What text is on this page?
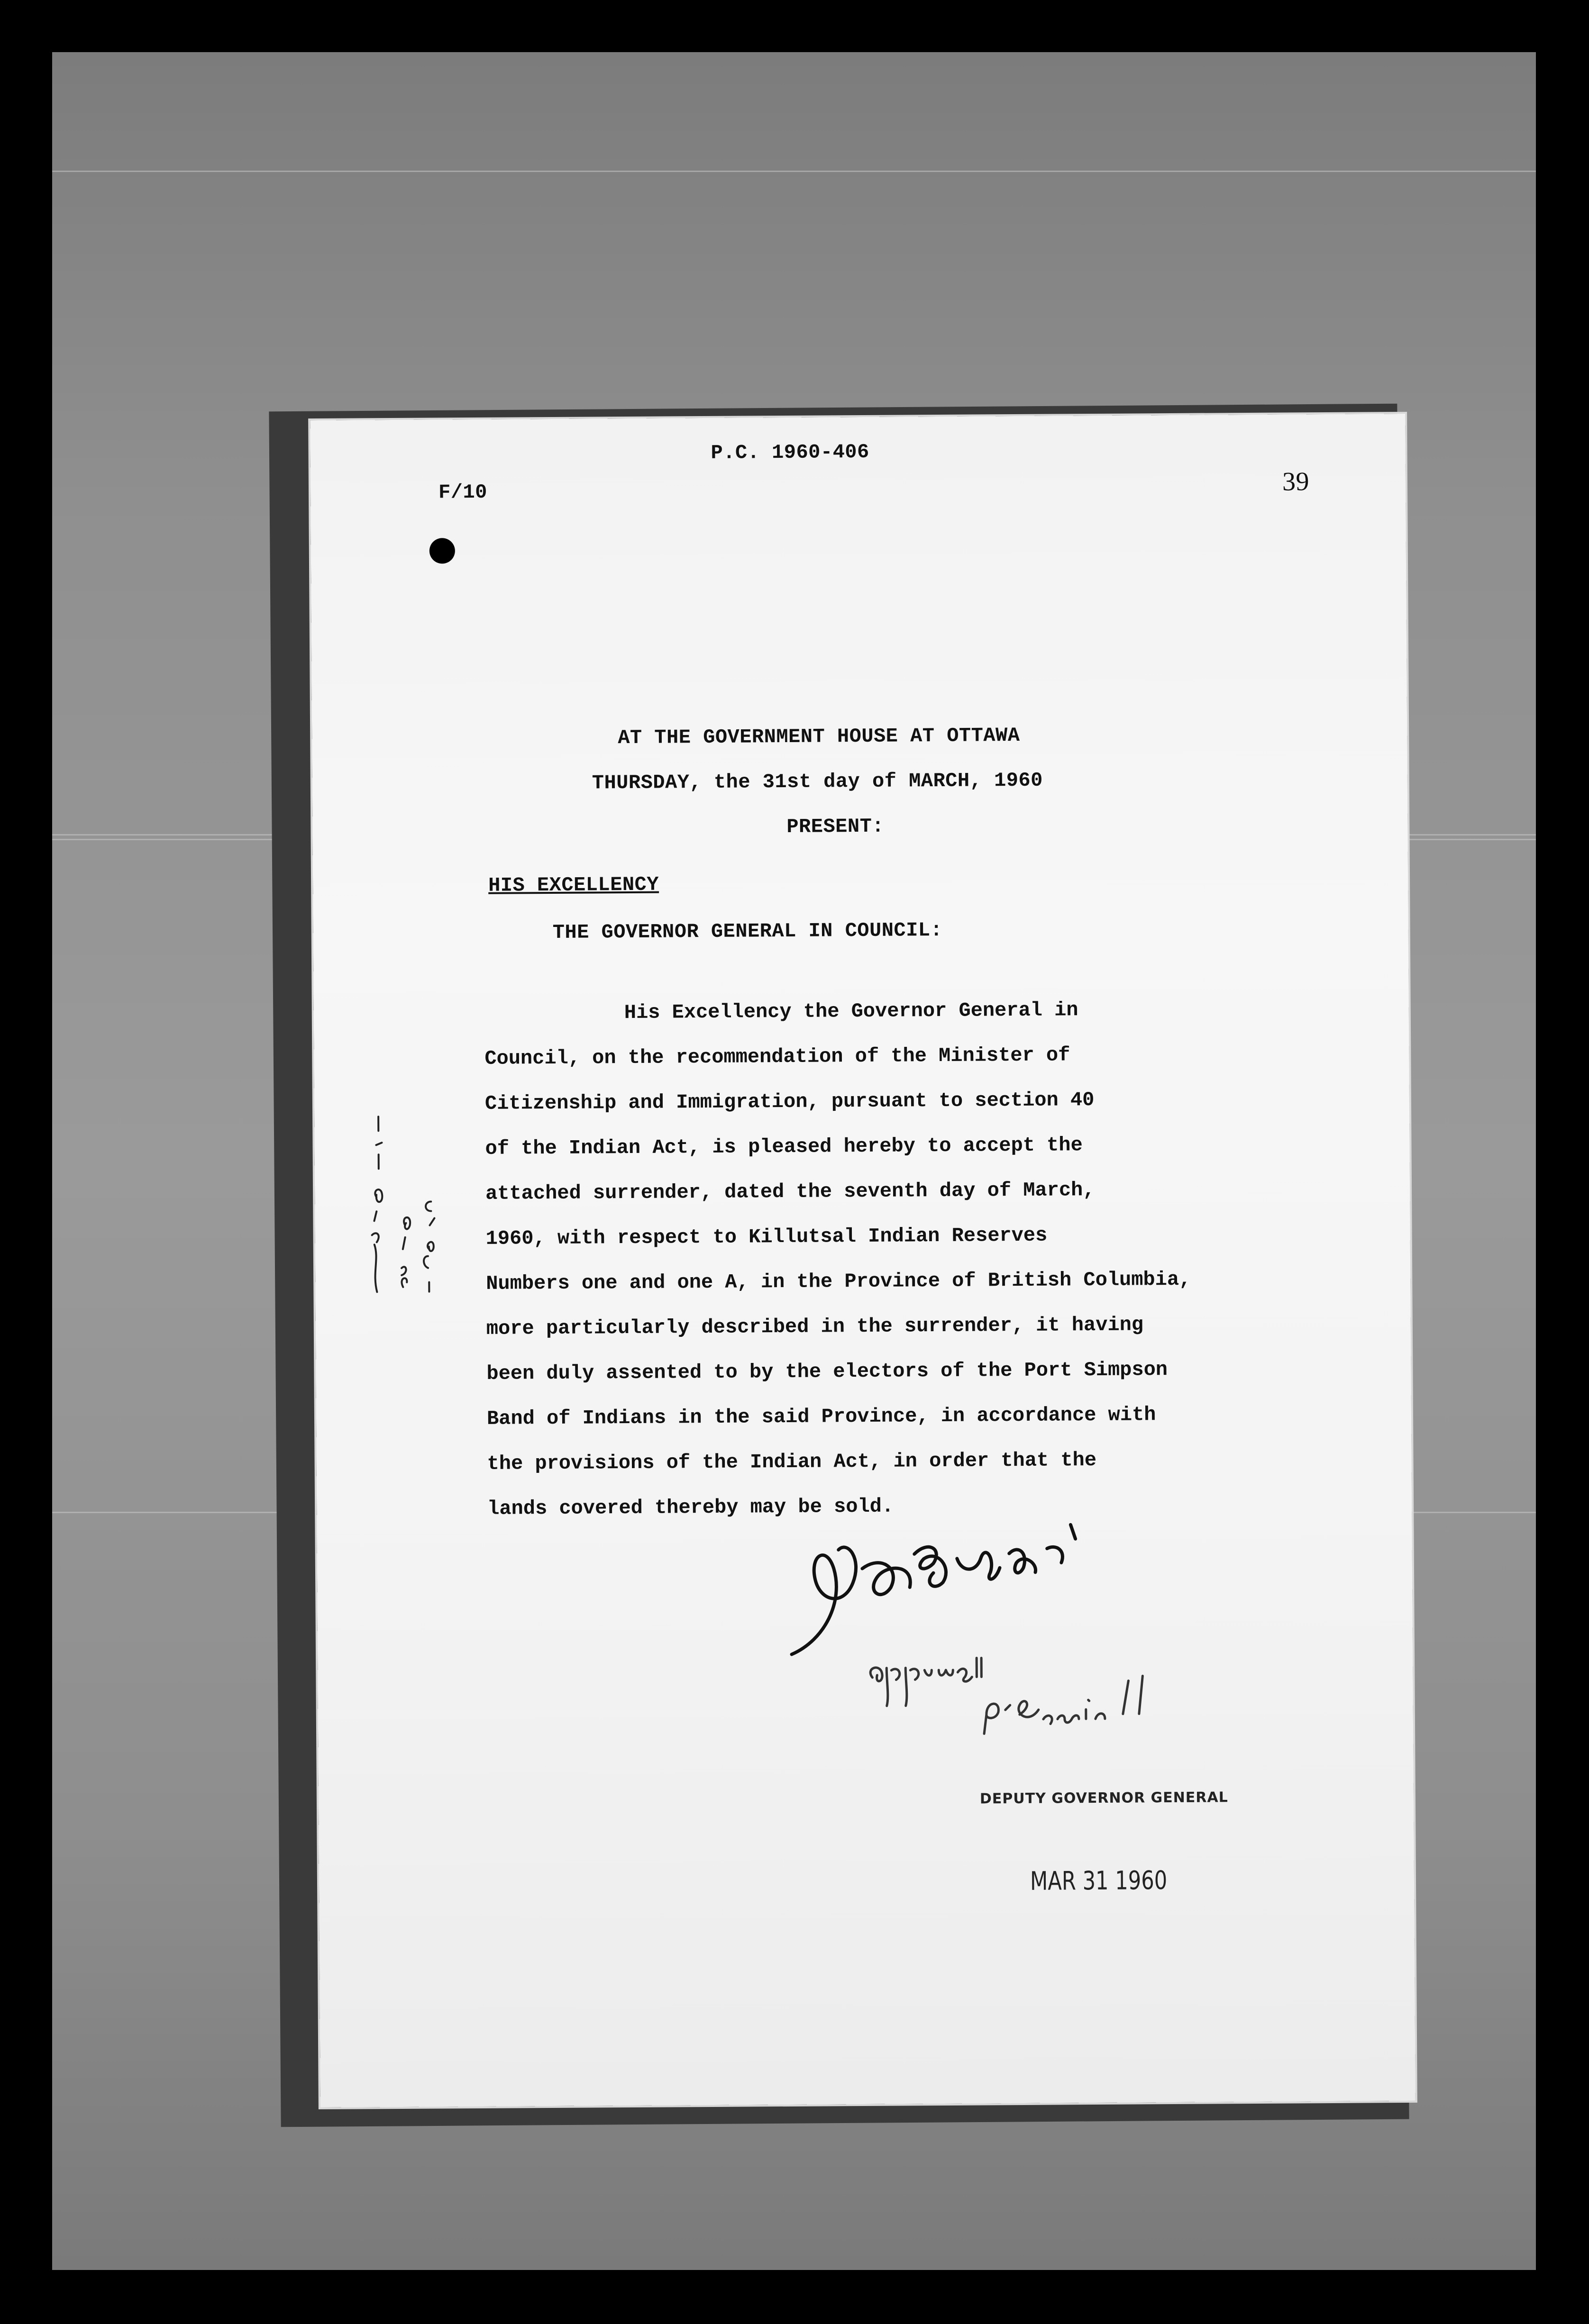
F/10
P.C. 1960-406
39
AT THE GOVERNMENT HOUSE AT OTTAWA
THURSDAY, the 31st day of MARCH, 1960
PRESENT:
HIS EXCELLENCY
THE GOVERNOR GENERAL IN COUNCIL:
His Excellency the Governor General in
Council, on the recommendation of the Minister of
Citizenship and Immigration, pursuant to section 40
of the Indian Act, is pleased hereby to accept the
attached surrender, dated the seventh day of March,
1960, with respect to Killutsal Indian Reserves
Numbers one and one A, in the Province of British Columbia,
more particularly described in the surrender, it having
been duly assented to by the electors of the Port Simpson
Band of Indians in the said Province, in accordance with
the provisions of the Indian Act, in order that the
lands covered thereby may be sold.
DEPUTY GOVERNOR GENERAL
MAR 31 1960
